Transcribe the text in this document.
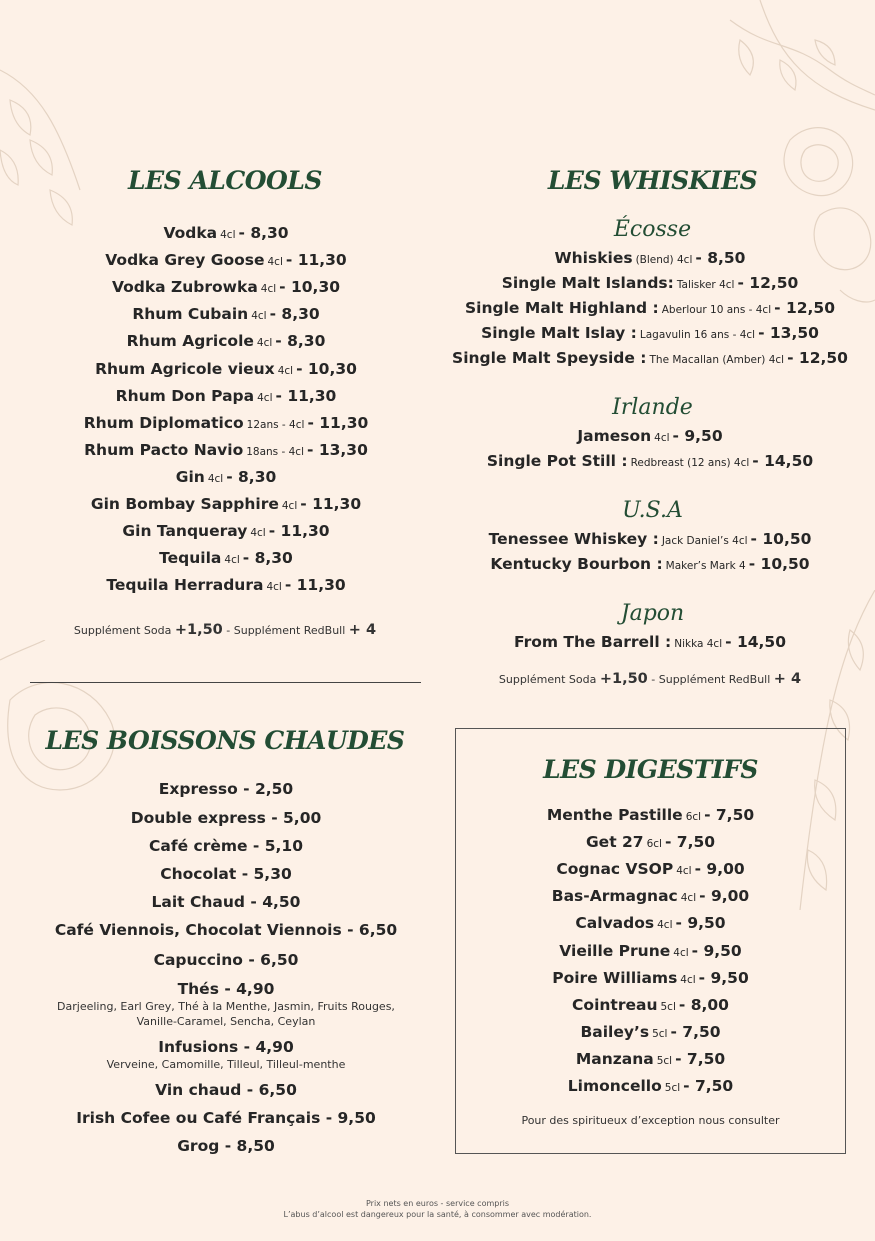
LES ALCOOLS
Vodka 4cl - 8,30
Vodka Grey Goose 4cl - 11,30
Vodka Zubrowka 4cl - 10,30
Rhum Cubain 4cl - 8,30
Rhum Agricole 4cl - 8,30
Rhum Agricole vieux 4cl - 10,30
Rhum Don Papa 4cl - 11,30
Rhum Diplomatico 12ans - 4cl - 11,30
Rhum Pacto Navio 18ans - 4cl - 13,30
Gin 4cl - 8,30
Gin Bombay Sapphire 4cl - 11,30
Gin Tanqueray 4cl - 11,30
Tequila 4cl - 8,30
Tequila Herradura 4cl - 11,30
Supplément Soda +1,50 - Supplément RedBull + 4
LES WHISKIES
Écosse
Whiskies (Blend) 4cl - 8,50
Single Malt Islands: Talisker 4cl - 12,50
Single Malt Highland : Aberlour 10 ans - 4cl - 12,50
Single Malt Islay : Lagavulin 16 ans - 4cl - 13,50
Single Malt Speyside : The Macallan (Amber) 4cl - 12,50
Irlande
Jameson 4cl - 9,50
Single Pot Still : Redbreast (12 ans) 4cl - 14,50
U.S.A
Tenessee Whiskey : Jack Daniel’s 4cl - 10,50
Kentucky Bourbon : Maker’s Mark 4 - 10,50
Japon
From The Barrell : Nikka 4cl - 14,50
Supplément Soda +1,50 - Supplément RedBull + 4
LES BOISSONS CHAUDES
Expresso - 2,50
Double express - 5,00
Café crème - 5,10
Chocolat - 5,30
Lait Chaud - 4,50
Café Viennois, Chocolat Viennois - 6,50
Capuccino - 6,50
Thés - 4,90
Darjeeling, Earl Grey, Thé à la Menthe, Jasmin, Fruits Rouges,
Vanille-Caramel, Sencha, Ceylan
Infusions - 4,90
Verveine, Camomille, Tilleul, Tilleul-menthe
Vin chaud - 6,50
Irish Cofee ou Café Français - 9,50
Grog - 8,50
LES DIGESTIFS
Menthe Pastille 6cl - 7,50
Get 27 6cl - 7,50
Cognac VSOP 4cl - 9,00
Bas-Armagnac 4cl - 9,00
Calvados 4cl - 9,50
Vieille Prune 4cl - 9,50
Poire Williams 4cl - 9,50
Cointreau 5cl - 8,00
Bailey’s 5cl - 7,50
Manzana 5cl - 7,50
Limoncello 5cl - 7,50
Pour des spiritueux d’exception nous consulter
Prix nets en euros - service compris
L’abus d’alcool est dangereux pour la santé, à consommer avec modération.
